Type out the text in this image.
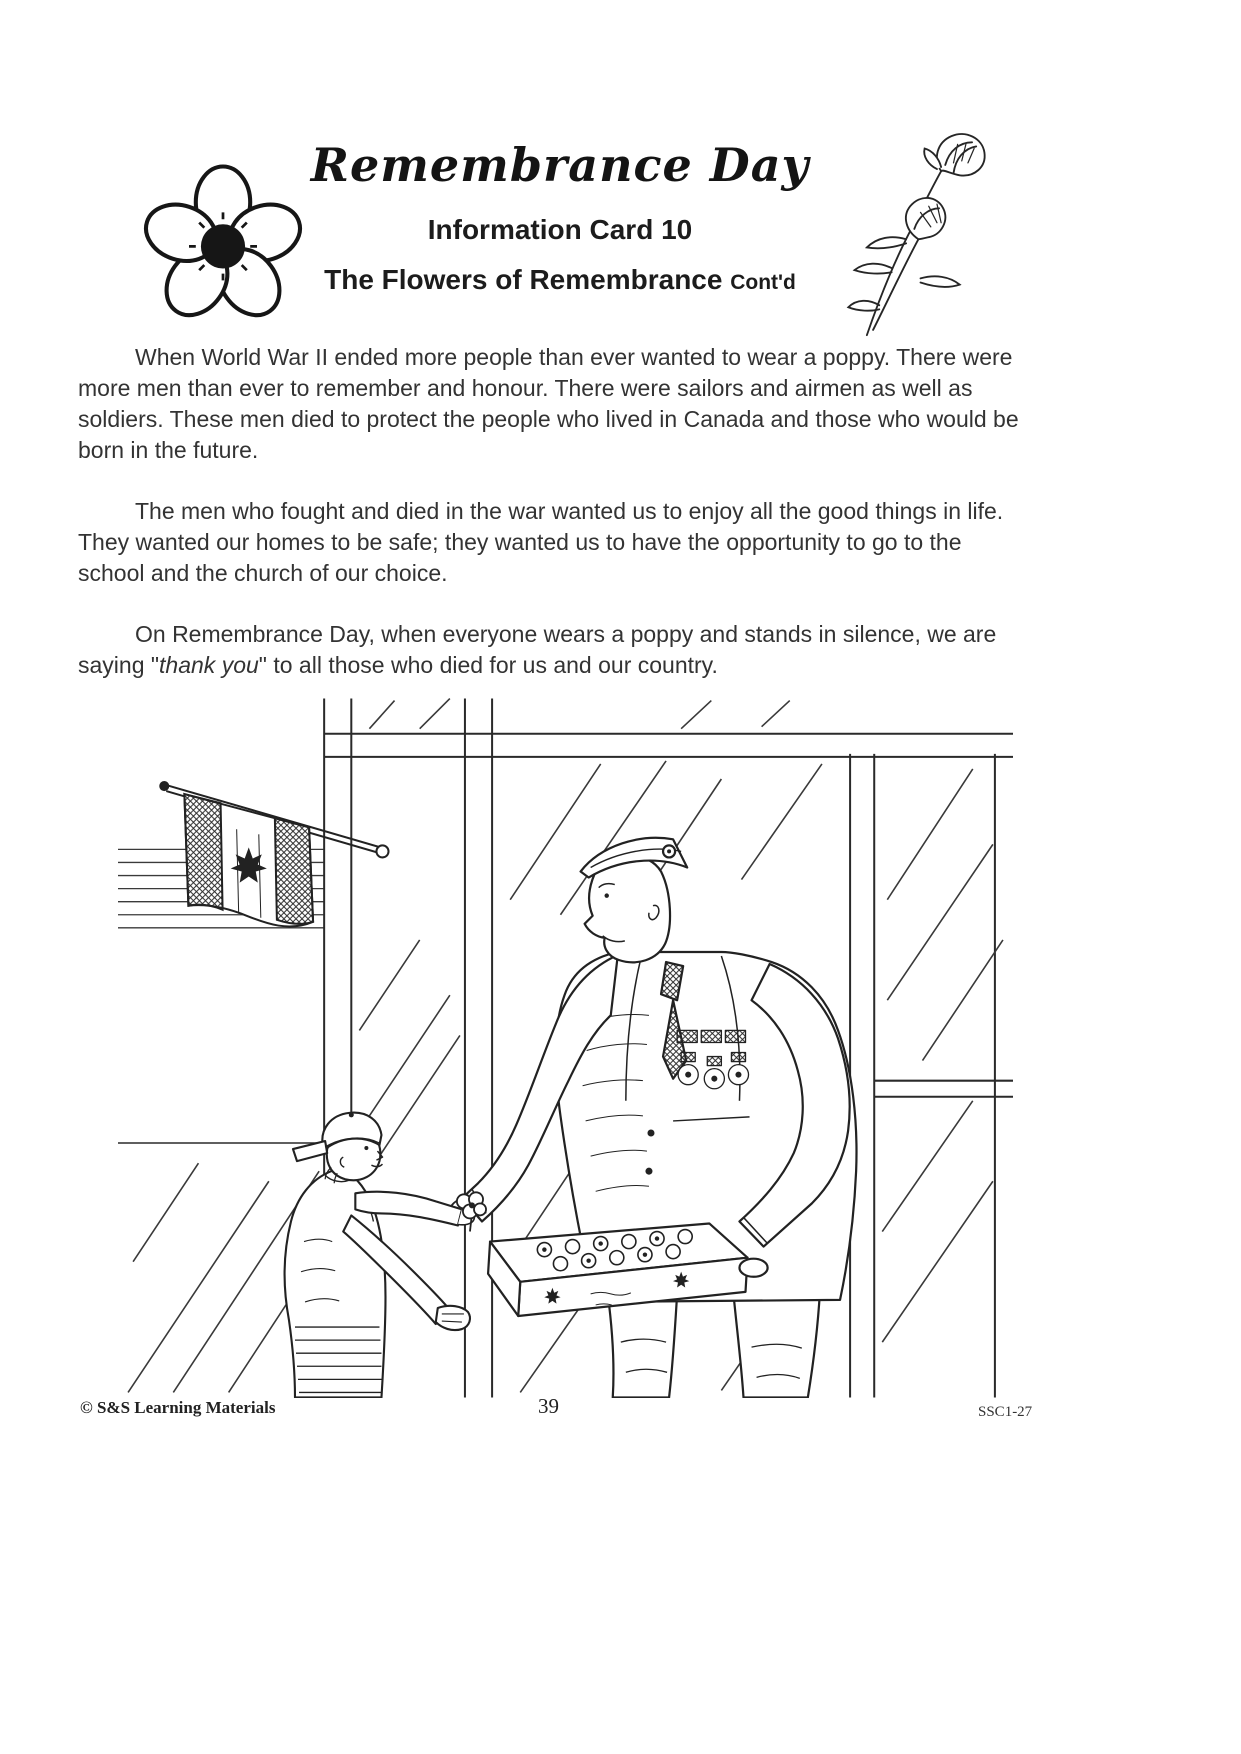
Remembrance Day
Information Card 10
The Flowers of Remembrance Cont'd

When World War II ended more people than ever wanted to wear a poppy. There were more men than ever to remember and honour. There were sailors and airmen as well as soldiers. These men died to protect the people who lived in Canada and those who would be born in the future.

The men who fought and died in the war wanted us to enjoy all the good things in life. They wanted our homes to be safe; they wanted us to have the opportunity to go to the school and the church of our choice.

On Remembrance Day, when everyone wears a poppy and stands in silence, we are saying "thank you" to all those who died for us and our country.

© S&S Learning Materials	39	SSC1-27
